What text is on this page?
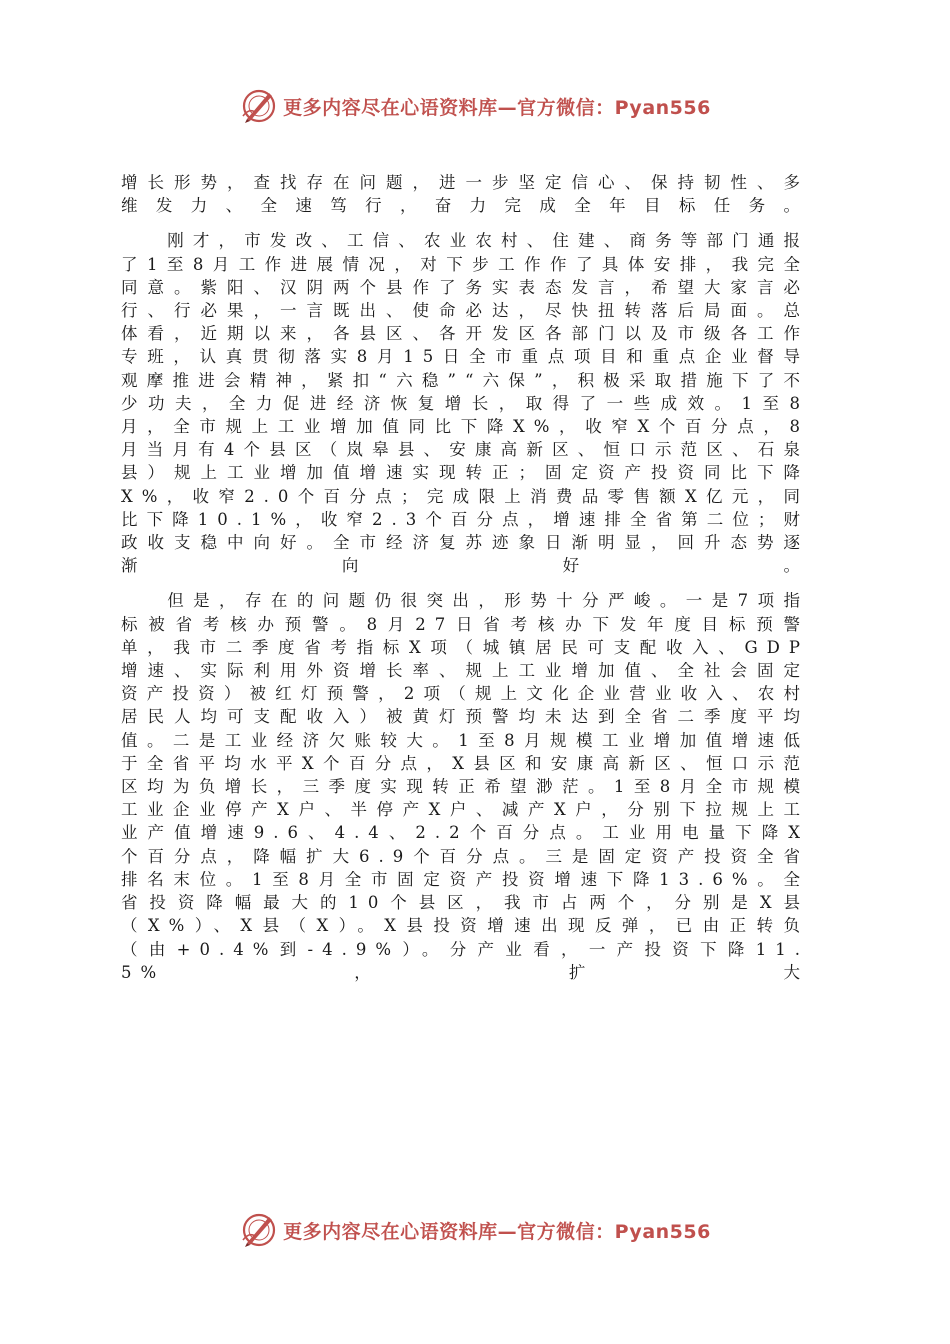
更多内容尽在心语资料库—官方微信：Pyan556

增长形势，查找存在问题，进一步坚定信心、保持韧性、多维发力、全速笃行，奋力完成全年目标任务。

刚才，市发改、工信、农业农村、住建、商务等部门通报了1至8月工作进展情况，对下步工作作了具体安排，我完全同意。紫阳、汉阴两个县作了务实表态发言，希望大家言必行、行必果，一言既出、使命必达，尽快扭转落后局面。总体看，近期以来，各县区、各开发区各部门以及市级各工作专班，认真贯彻落实8月15日全市重点项目和重点企业督导观摩推进会精神，紧扣“六稳”“六保”，积极采取措施下了不少功夫，全力促进经济恢复增长，取得了一些成效。1至8月，全市规上工业增加值同比下降X%，收窄X个百分点，8月当月有4个县区（岚皋县、安康高新区、恒口示范区、石泉县）规上工业增加值增速实现转正；固定资产投资同比下降X%，收窄2.0个百分点；完成限上消费品零售额X亿元，同比下降10.1%，收窄2.3个百分点，增速排全省第二位；财政收支稳中向好。全市经济复苏迹象日渐明显，回升态势逐渐向好。

但是，存在的问题仍很突出，形势十分严峻。一是7项指标被省考核办预警。8月27日省考核办下发年度目标预警单，我市二季度省考指标X项（城镇居民可支配收入、GDP增速、实际利用外资增长率、规上工业增加值、全社会固定资产投资）被红灯预警，2项（规上文化企业营业收入、农村居民人均可支配收入）被黄灯预警均未达到全省二季度平均值。二是工业经济欠账较大。1至8月规模工业增加值增速低于全省平均水平X个百分点，X县区和安康高新区、恒口示范区均为负增长，三季度实现转正希望渺茫。1至8月全市规模工业企业停产X户、半停产X户、减产X户，分别下拉规上工业产值增速9.6、4.4、2.2个百分点。工业用电量下降X个百分点，降幅扩大6.9个百分点。三是固定资产投资全省排名末位。1至8月全市固定资产投资增速下降13.6%。全省投资降幅最大的10个县区，我市占两个，分别是X县（X%）、X县（X）。X县投资增速出现反弹，已由正转负（由+0.4%到-4.9%）。分产业看，一产投资下降11.5%，扩大

更多内容尽在心语资料库—官方微信：Pyan556
